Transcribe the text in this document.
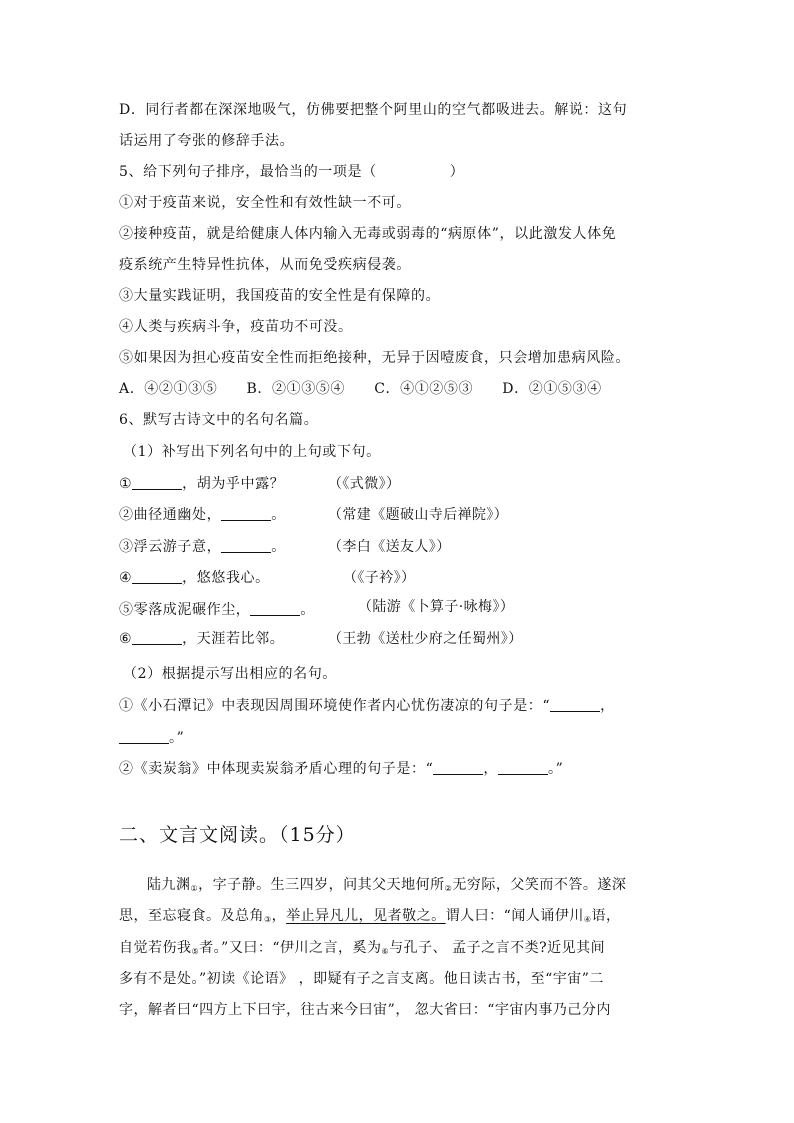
D．同行者都在深深地吸气，仿佛要把整个阿里山的空气都吸进去。解说：这句
话运用了夸张的修辞手法。
5、给下列句子排序，最恰当的一项是（　　　　　）
①对于疫苗来说，安全性和有效性缺一不可。
②接种疫苗，就是给健康人体内输入无毒或弱毒的“病原体”，以此激发人体免
疫系统产生特异性抗体，从而免受疾病侵袭。
③大量实践证明，我国疫苗的安全性是有保障的。
④人类与疾病斗争，疫苗功不可没。
⑤如果因为担心疫苗安全性而拒绝接种，无异于因噎废食，只会增加患病风险。
A．④②①③⑤　　B．②①③⑤④　　C．④①②⑤③　　D．②①⑤③④
6、默写古诗文中的名句名篇。
（1）补写出下列名句中的上句或下句。
①	，胡为乎中露？	（《式微》）
②曲径通幽处，	。	（常建《题破山寺后禅院》）
③浮云游子意，	。	（李白《送友人》）
④	，悠悠我心。	（《子衿》）
⑤零落成泥碾作尘，	。	（陆游《卜算子·咏梅》）
⑥	，天涯若比邻。	（王勃《送杜少府之任蜀州》）
（2）根据提示写出相应的名句。
①《小石潭记》中表现因周围环境使作者内心忧伤凄凉的句子是：“	，
。”
②《卖炭翁》中体现卖炭翁矛盾心理的句子是：“	，	。”
二、文言文阅读。（15分）
陆九渊$_①$，字子静。生三四岁，问其父天地何所$_②$无穷际，父笑而不答。遂深
思，至忘寝食。及总角$_③$，举止异凡儿，见者敬之。谓人曰：“闻人诵伊川$_④$语，
自觉若伤我$_⑤$者。”又曰：“伊川之言，奚为$_⑥$与孔子、 孟子之言不类?近见其间
多有不是处。”初读《论语》 ，即疑有子之言支离。他日读古书，至“宇宙”二
字，解者曰“四方上下曰宇，往古来今曰宙”， 忽大省曰：“宇宙内事乃己分内
